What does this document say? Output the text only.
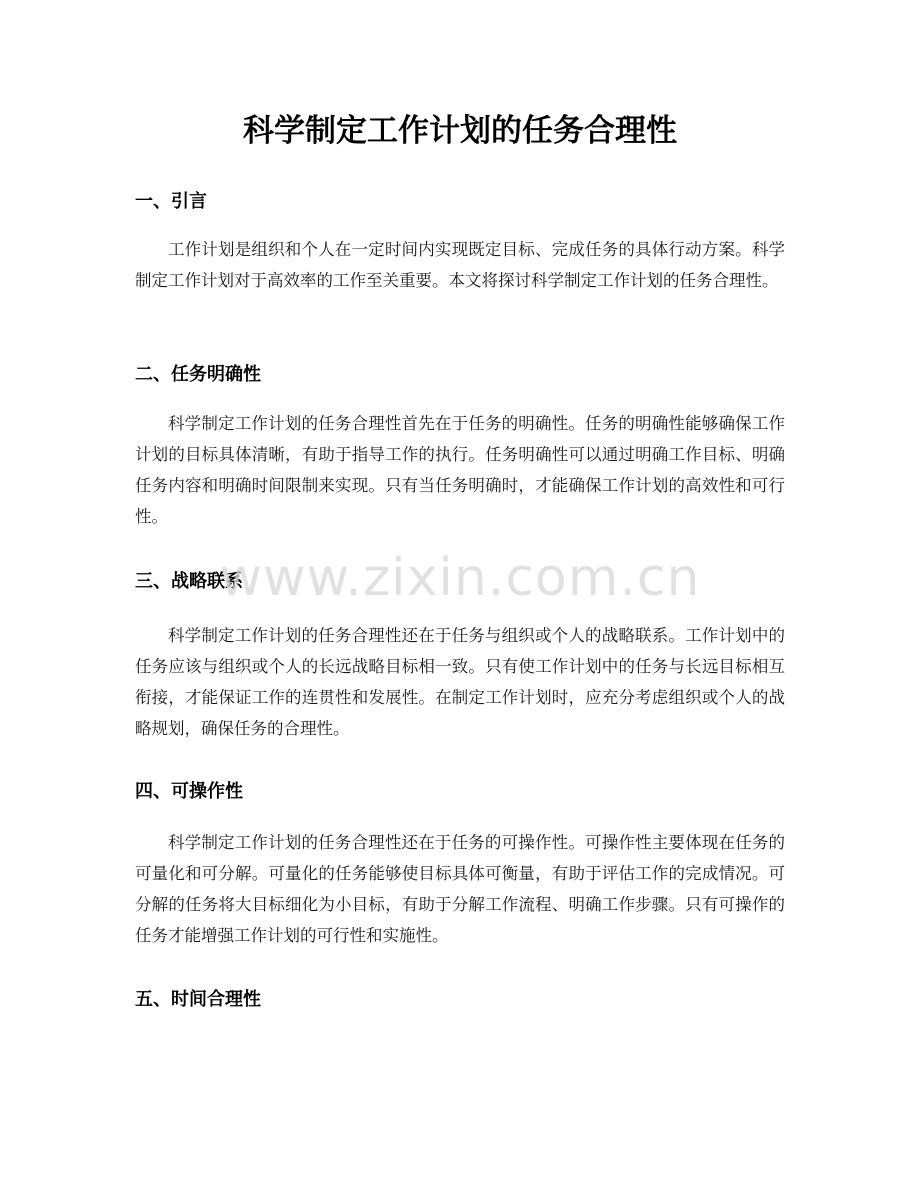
科学制定工作计划的任务合理性
一、引言

工作计划是组织和个人在一定时间内实现既定目标、完成任务的具体行动方案。科学制定工作计划对于高效率的工作至关重要。本文将探讨科学制定工作计划的任务合理性。

二、任务明确性

科学制定工作计划的任务合理性首先在于任务的明确性。任务的明确性能够确保工作计划的目标具体清晰，有助于指导工作的执行。任务明确性可以通过明确工作目标、明确任务内容和明确时间限制来实现。只有当任务明确时，才能确保工作计划的高效性和可行性。

三、战略联系

科学制定工作计划的任务合理性还在于任务与组织或个人的战略联系。工作计划中的任务应该与组织或个人的长远战略目标相一致。只有使工作计划中的任务与长远目标相互衔接，才能保证工作的连贯性和发展性。在制定工作计划时，应充分考虑组织或个人的战略规划，确保任务的合理性。

四、可操作性

科学制定工作计划的任务合理性还在于任务的可操作性。可操作性主要体现在任务的可量化和可分解。可量化的任务能够使目标具体可衡量，有助于评估工作的完成情况。可分解的任务将大目标细化为小目标，有助于分解工作流程、明确工作步骤。只有可操作的任务才能增强工作计划的可行性和实施性。

五、时间合理性
www.zixin.com.cn
